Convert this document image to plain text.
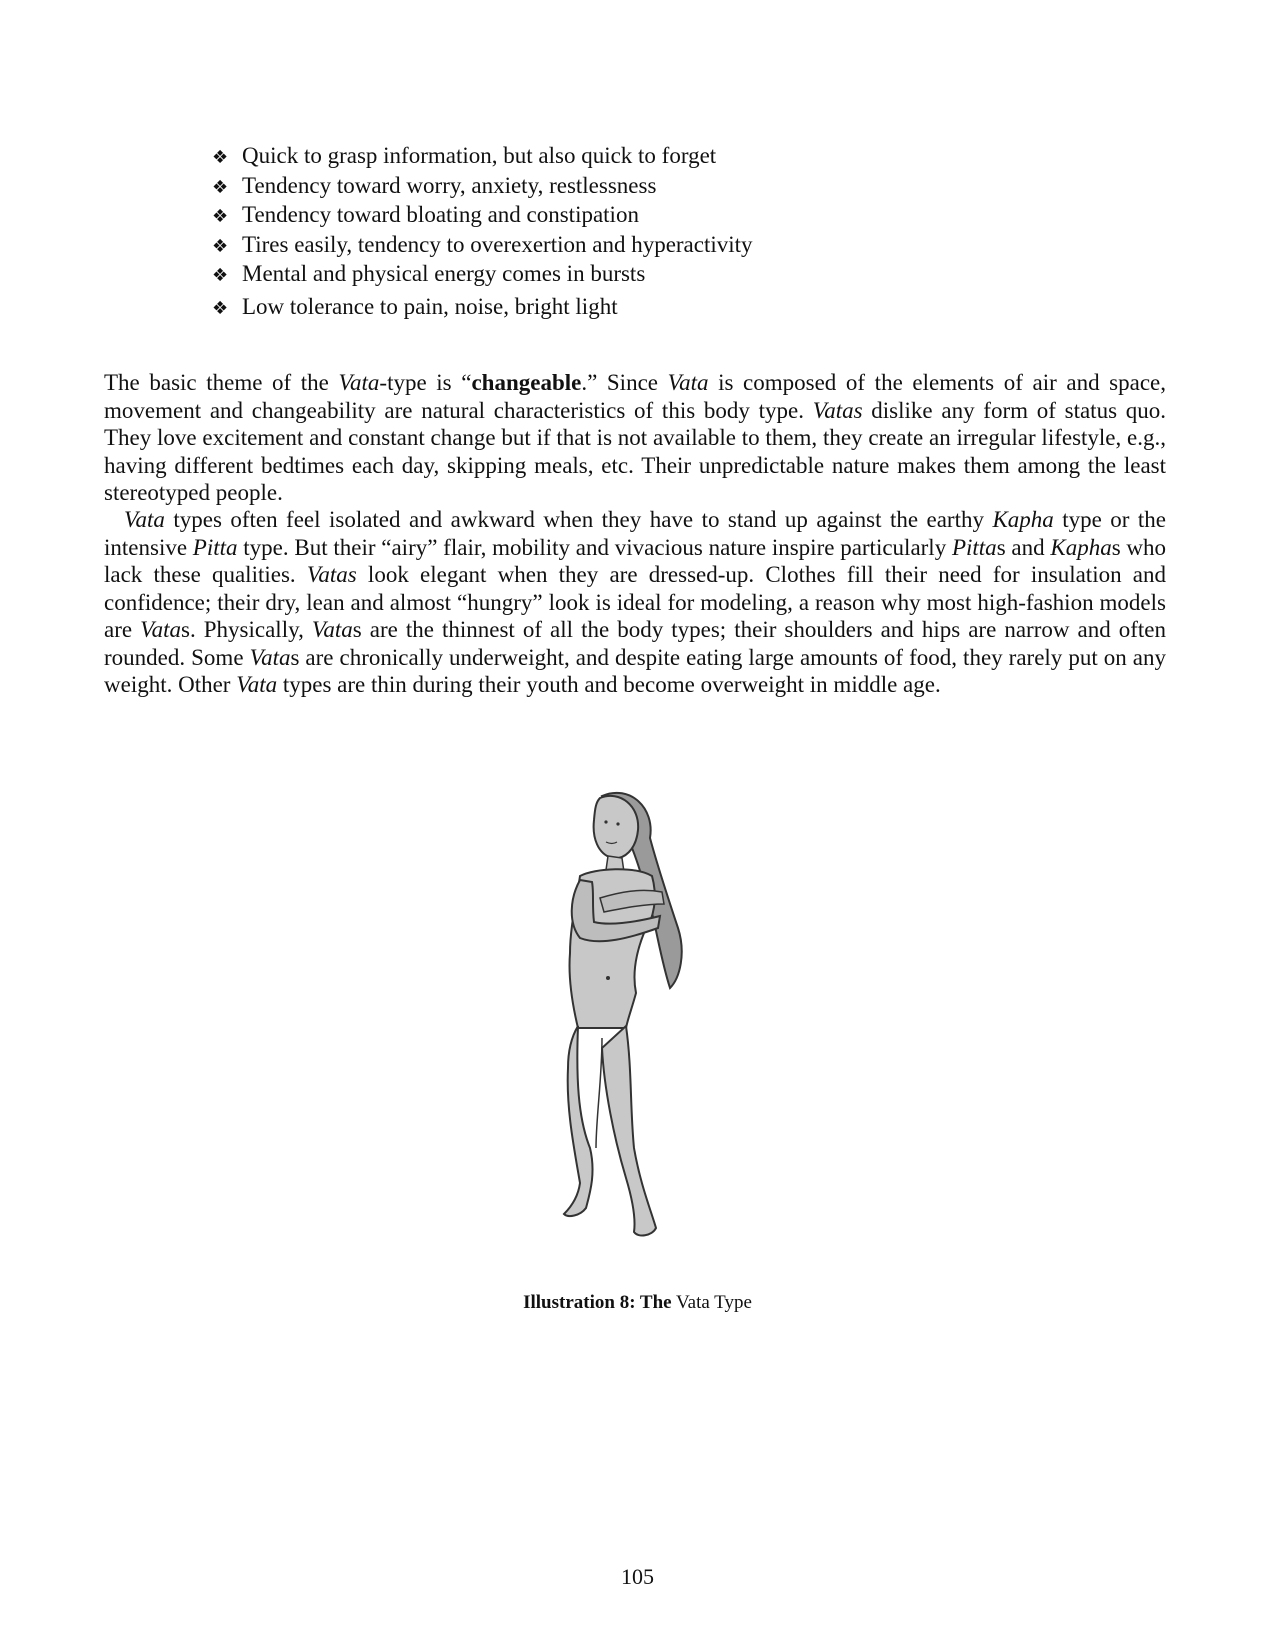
❖ Quick to grasp information, but also quick to forget
❖ Tendency toward worry, anxiety, restlessness
❖ Tendency toward bloating and constipation
❖ Tires easily, tendency to overexertion and hyperactivity
❖ Mental and physical energy comes in bursts
❖ Low tolerance to pain, noise, bright light

The basic theme of the Vata-type is “changeable.” Since Vata is composed of the elements of air and space, movement and changeability are natural characteristics of this body type. Vatas dislike any form of status quo. They love excitement and constant change but if that is not available to them, they create an irregular lifestyle, e.g., having different bedtimes each day, skipping meals, etc. Their unpredictable nature makes them among the least stereotyped people.

Vata types often feel isolated and awkward when they have to stand up against the earthy Kapha type or the intensive Pitta type. But their “airy” flair, mobility and vivacious nature inspire particularly Pittas and Kaphas who lack these qualities. Vatas look elegant when they are dressed-up. Clothes fill their need for insulation and confidence; their dry, lean and almost “hungry” look is ideal for modeling, a reason why most high-fashion models are Vatas. Physically, Vatas are the thinnest of all the body types; their shoulders and hips are narrow and often rounded. Some Vatas are chronically underweight, and despite eating large amounts of food, they rarely put on any weight. Other Vata types are thin during their youth and become overweight in middle age.

Illustration 8: The Vata Type
105
